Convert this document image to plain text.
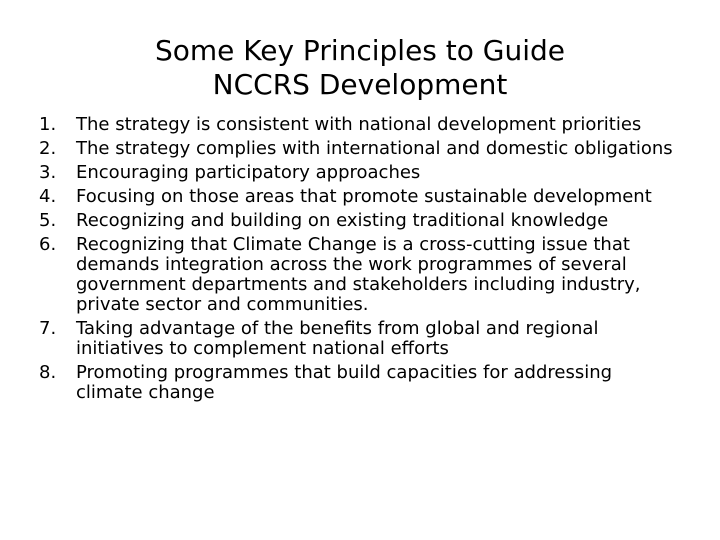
Some Key Principles to Guide
NCCRS Development
1. The strategy is consistent with national development priorities
2. The strategy complies with international and domestic obligations
3. Encouraging participatory approaches
4. Focusing on those areas that promote sustainable development
5. Recognizing and building on existing traditional knowledge
6. Recognizing that Climate Change is a cross-cutting issue that demands integration across the work programmes of several government departments and stakeholders including industry, private sector and communities.
7. Taking advantage of the benefits from global and regional initiatives to complement national efforts
8. Promoting programmes that build capacities for addressing climate change
